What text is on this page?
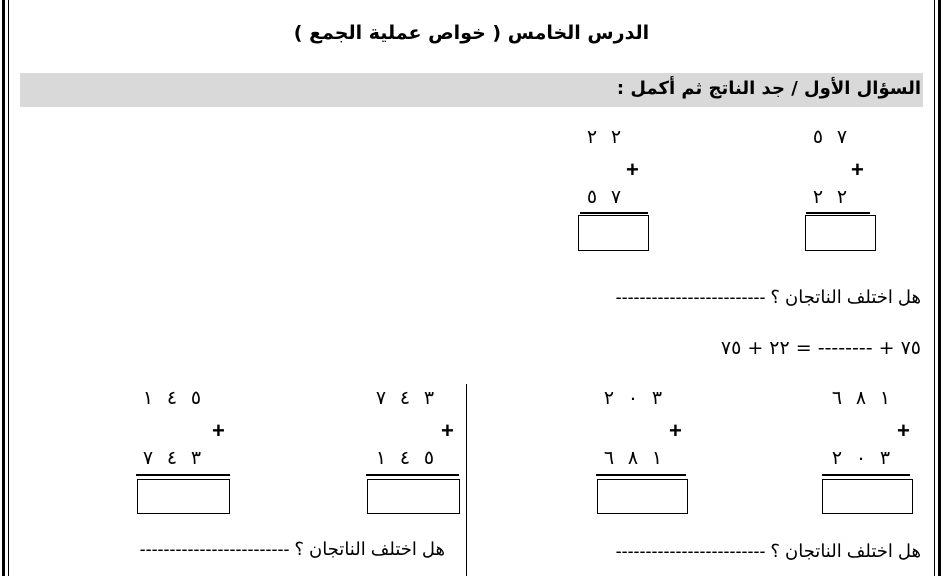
الدرس الخامس ( خواص عملية الجمع )
السؤال الأول / جد الناتج ثم أكمل :
٥ ٧
+
٢ ٢
٢ ٢
+
٥ ٧
هل اختلف الناتجان ؟ -------------------------
٧٥ + -------- = ٢٢ + ٧٥
٦ ٨ ١
+
٢ ٠ ٣
٢ ٠ ٣
+
٦ ٨ ١
٧ ٤ ٣
+
١ ٤ ٥
١ ٤ ٥
+
٧ ٤ ٣
هل اختلف الناتجان ؟ -------------------------
هل اختلف الناتجان ؟ -------------------------
